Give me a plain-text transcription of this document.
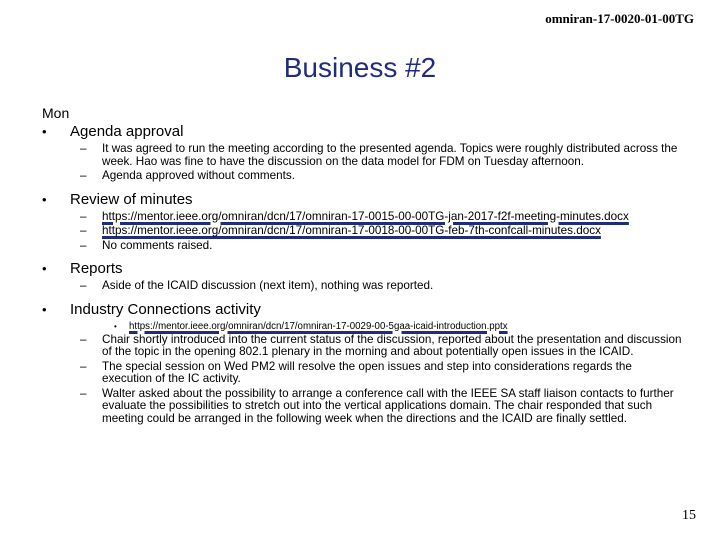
omniran-17-0020-01-00TG
Business #2
Mon
• Agenda approval
– It was agreed to run the meeting according to the presented agenda. Topics were roughly distributed across the week. Hao was fine to have the discussion on the data model for FDM on Tuesday afternoon.
– Agenda approved without comments.
• Review of minutes
– https://mentor.ieee.org/omniran/dcn/17/omniran-17-0015-00-00TG-jan-2017-f2f-meeting-minutes.docx
– https://mentor.ieee.org/omniran/dcn/17/omniran-17-0018-00-00TG-feb-7th-confcall-minutes.docx
– No comments raised.
• Reports
– Aside of the ICAID discussion (next item), nothing was reported.
• Industry Connections activity
• https://mentor.ieee.org/omniran/dcn/17/omniran-17-0029-00-5gaa-icaid-introduction.pptx
– Chair shortly introduced into the current status of the discussion, reported about the presentation and discussion of the topic in the opening 802.1 plenary in the morning and about potentially open issues in the ICAID.
– The special session on Wed PM2 will resolve the open issues and step into considerations regards the execution of the IC activity.
– Walter asked about the possibility to arrange a conference call with the IEEE SA staff liaison contacts to further evaluate the possibilities to stretch out into the vertical applications domain. The chair responded that such meeting could be arranged in the following week when the directions and the ICAID are finally settled.
15
